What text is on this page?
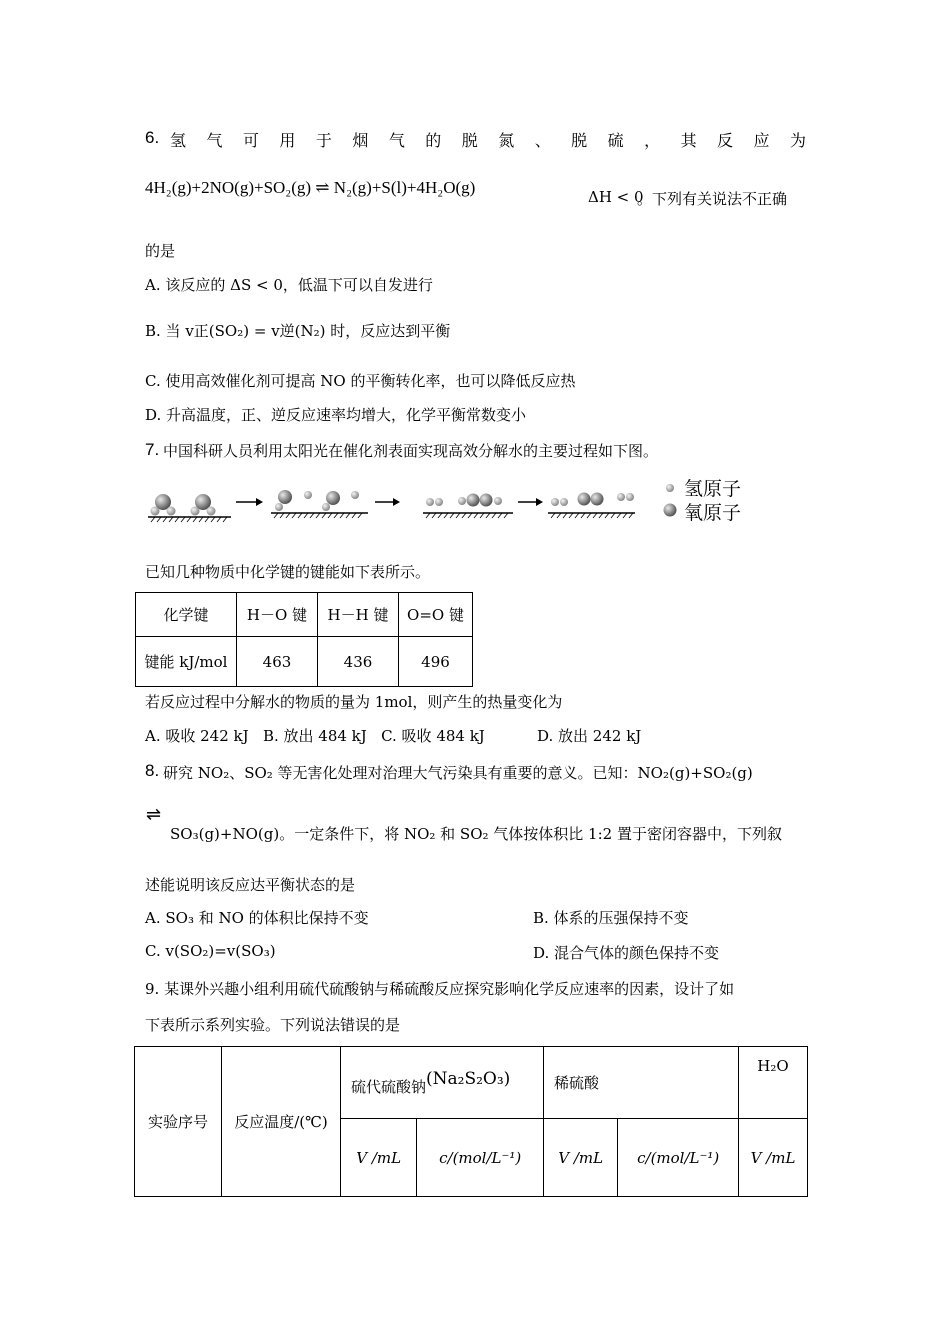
6. 氢 气 可 用 于 烟 气 的 脱 氮 、 脱 硫 ， 其 反 应 为
4H₂(g)+2NO(g)+SO₂(g) ⇌ N₂(g)+S(l)+4H₂O(g)	ΔH < 0
。下列有关说法不正确
的是
A. 该反应的 ΔS < 0，低温下可以自发进行
B. 当 v正(SO₂) = v逆(N₂) 时，反应达到平衡
C. 使用高效催化剂可提高 NO 的平衡转化率，也可以降低反应热
D. 升高温度，正、逆反应速率均增大，化学平衡常数变小
7. 中国科研人员利用太阳光在催化剂表面实现高效分解水的主要过程如下图。
氢原子
氧原子
已知几种物质中化学键的键能如下表所示。
化学键	H－O 键	H－H 键	O=O 键
键能 kJ/mol	463	436	496
若反应过程中分解水的物质的量为 1mol，则产生的热量变化为
A. 吸收 242 kJ   B. 放出 484 kJ   C. 吸收 484 kJ	D. 放出 242 kJ
8. 研究 NO₂、SO₂ 等无害化处理对治理大气污染具有重要的意义。已知：NO₂(g)+SO₂(g)
⇌
SO₃(g)+NO(g)。一定条件下，将 NO₂ 和 SO₂ 气体按体积比 1:2 置于密闭容器中，下列叙
述能说明该反应达平衡状态的是
A. SO₃ 和 NO 的体积比保持不变	B. 体系的压强保持不变
C. v(SO₂)=v(SO₃)	D. 混合气体的颜色保持不变
9. 某课外兴趣小组利用硫代硫酸钠与稀硫酸反应探究影响化学反应速率的因素，设计了如
下表所示系列实验。下列说法错误的是
实验序号	反应温度/(℃)	硫代硫酸钠(Na₂S₂O₃)		稀硫酸		H₂O
		V /mL	c/(mol/L⁻¹)	V /mL	c/(mol/L⁻¹)	V /mL
